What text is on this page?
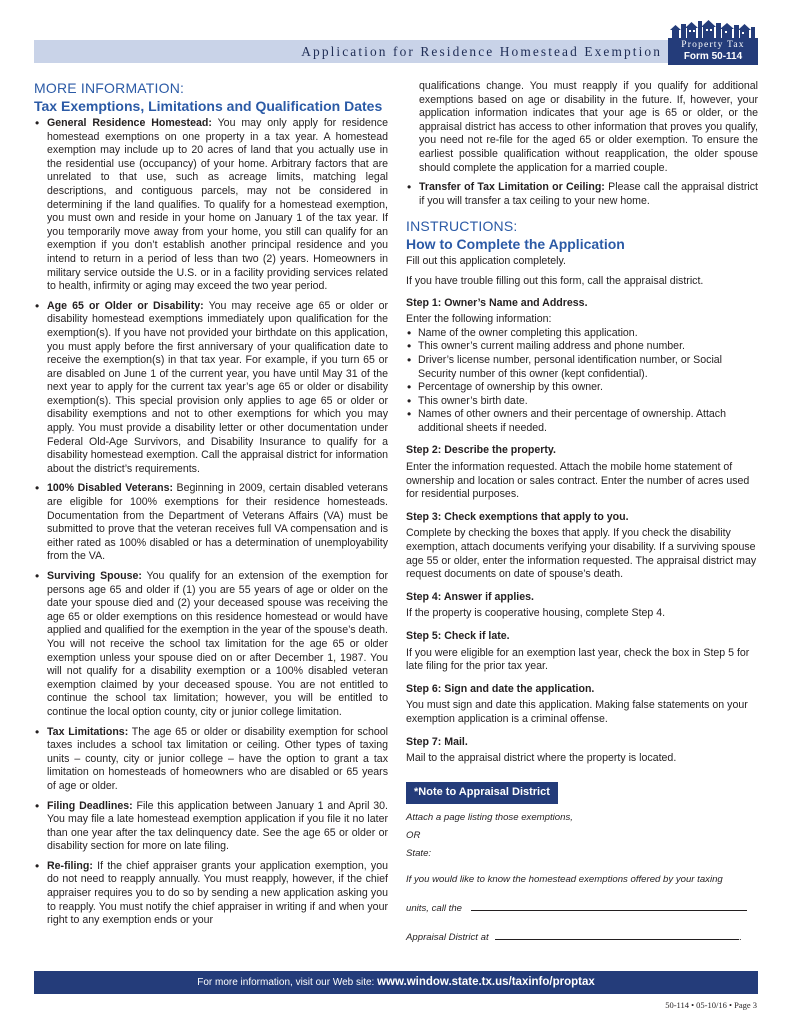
Application for Residence Homestead Exemption	Property Tax
Form 50-114
MORE INFORMATION:
Tax Exemptions, Limitations and Qualification Dates
• General Residence Homestead: You may only apply for residence homestead exemptions on one property in a tax year. A homestead exemption may include up to 20 acres of land that you actually use in the residential use (occupancy) of your home. Arbitrary factors that are unrelated to that use, such as acreage limits, matching legal descriptions, and contiguous parcels, may not be considered in determining if the land qualifies. To qualify for a homestead exemption, you must own and reside in your home on January 1 of the tax year. If you temporarily move away from your home, you still can qualify for an exemption if you don’t establish another principal residence and you intend to return in a period of less than two (2) years. Homeowners in military service outside the U.S. or in a facility providing services related to health, infirmity or aging may exceed the two year period.
• Age 65 or Older or Disability: You may receive age 65 or older or disability homestead exemptions immediately upon qualification for the exemption(s). If you have not provided your birthdate on this application, you must apply before the first anniversary of your qualification date to receive the exemption(s) in that tax year. For example, if you turn 65 or are disabled on June 1 of the current year, you have until May 31 of the next year to apply for the current tax year’s age 65 or older or disability exemption(s). This special provision only applies to age 65 or older or disability exemptions and not to other exemptions for which you may apply. You must provide a disability letter or other documentation under Federal Old-Age Survivors, and Disability Insurance to qualify for a disability homestead exemption. Call the appraisal district for information about the district’s requirements.
• 100% Disabled Veterans: Beginning in 2009, certain disabled veterans are eligible for 100% exemptions for their residence homesteads. Documentation from the Department of Veterans Affairs (VA) must be submitted to prove that the veteran receives full VA compensation and is either rated as 100% disabled or has a determination of unemployability from the VA.
• Surviving Spouse: You qualify for an extension of the exemption for persons age 65 and older if (1) you are 55 years of age or older on the date your spouse died and (2) your deceased spouse was receiving the age 65 or older exemptions on this residence homestead or would have applied and qualified for the exemption in the year of the spouse’s death. You will not receive the school tax limitation for the age 65 or older exemption unless your spouse died on or after December 1, 1987. You will not qualify for a disability exemption or a 100% disabled veteran exemption claimed by your deceased spouse. You are not entitled to continue the school tax limitation; however, you will be entitled to continue the local option county, city or junior college limitation.
• Tax Limitations: The age 65 or older or disability exemption for school taxes includes a school tax limitation or ceiling. Other types of taxing units – county, city or junior college – have the option to grant a tax limitation on homesteads of homeowners who are disabled or 65 years of age or older.
• Filing Deadlines: File this application between January 1 and April 30. You may file a late homestead exemption application if you file it no later than one year after the tax delinquency date. See the age 65 or older or disability section for more on late filing.
• Re-filing: If the chief appraiser grants your application exemption, you do not need to reapply annually. You must reapply, however, if the chief appraiser requires you to do so by sending a new application asking you to reapply. You must notify the chief appraiser in writing if and when your right to any exemption ends or your
qualifications change. You must reapply if you qualify for additional exemptions based on age or disability in the future. If, however, your application information indicates that your age is 65 or older, or the appraisal district has access to other information that proves you qualify, you need not re-file for the aged 65 or older exemption. To ensure the earliest possible qualification without reapplication, the older spouse should complete the application for a married couple.
• Transfer of Tax Limitation or Ceiling: Please call the appraisal district if you will transfer a tax ceiling to your new home.
INSTRUCTIONS:
How to Complete the Application
Fill out this application completely.
If you have trouble filling out this form, call the appraisal district.
Step 1: Owner’s Name and Address.
Enter the following information:
• Name of the owner completing this application.
• This owner’s current mailing address and phone number.
• Driver’s license number, personal identification number, or Social Security number of this owner (kept confidential).
• Percentage of ownership by this owner.
• This owner’s birth date.
• Names of other owners and their percentage of ownership. Attach additional sheets if needed.
Step 2: Describe the property.
Enter the information requested. Attach the mobile home statement of ownership and location or sales contract. Enter the number of acres used for residential purposes.
Step 3: Check exemptions that apply to you.
Complete by checking the boxes that apply. If you check the disability exemption, attach documents verifying your disability. If a surviving spouse age 55 or older, enter the information requested. The appraisal district may request documents on date of spouse’s death.
Step 4: Answer if applies.
If the property is cooperative housing, complete Step 4.
Step 5: Check if late.
If you were eligible for an exemption last year, check the box in Step 5 for late filing for the prior tax year.
Step 6: Sign and date the application.
You must sign and date this application. Making false statements on your exemption application is a criminal offense.
Step 7: Mail.
Mail to the appraisal district where the property is located.
*Note to Appraisal District
Attach a page listing those exemptions,
OR
State:
If you would like to know the homestead exemptions offered by your taxing
units, call the
Appraisal District at	.
For more information, visit our Web site: www.window.state.tx.us/taxinfo/proptax
50-114 • 05-10/16 • Page 3
